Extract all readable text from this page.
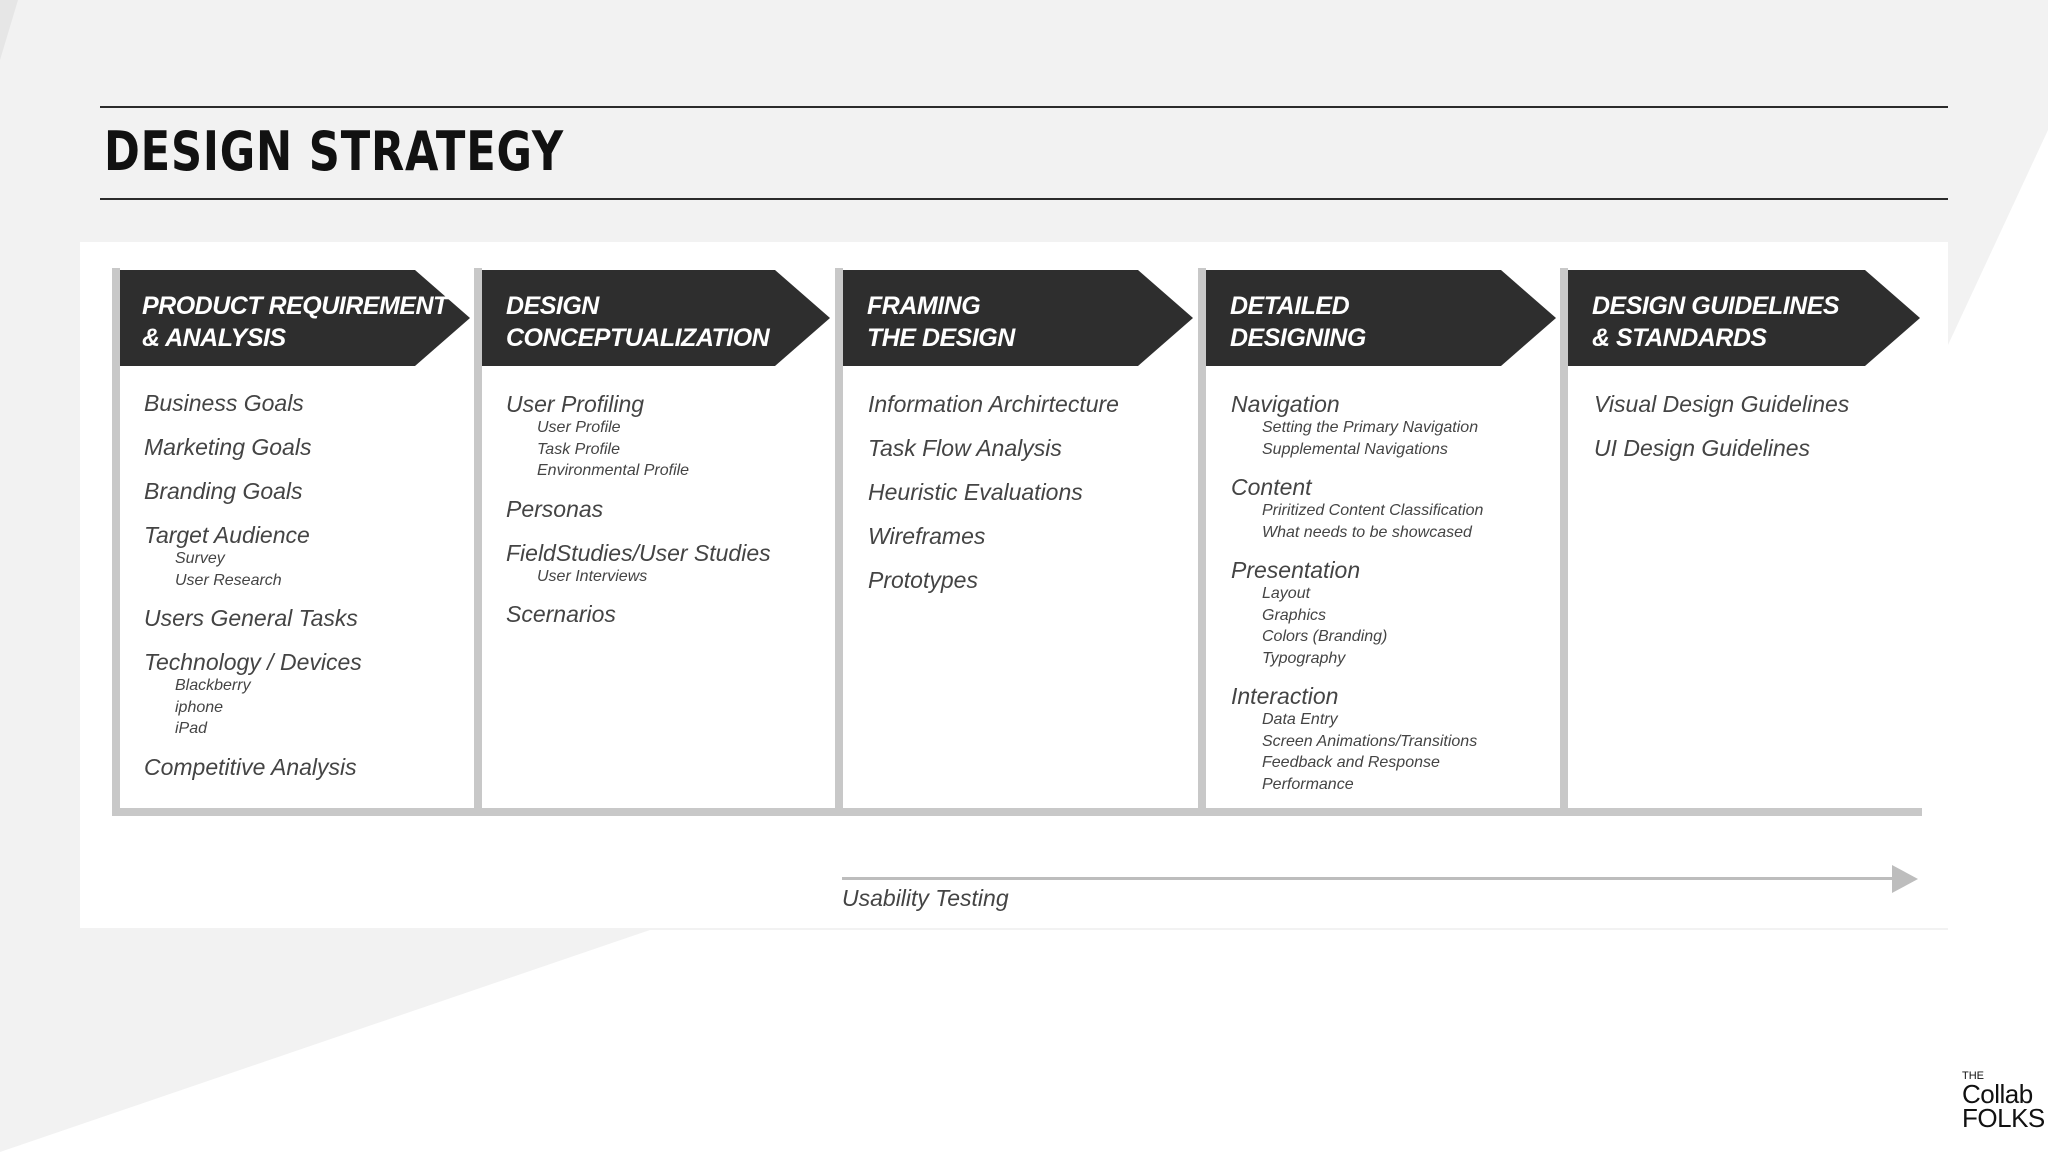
DESIGN STRATEGY
PRODUCT REQUIREMENT
& ANALYSIS
Business Goals
Marketing Goals
Branding Goals
Target Audience
Survey
User Research
Users General Tasks
Technology / Devices
Blackberry
iphone
iPad
Competitive Analysis
DESIGN
CONCEPTUALIZATION
User Profiling
User Profile
Task Profile
Environmental Profile
Personas
FieldStudies/User Studies
User Interviews
Scernarios
FRAMING
THE DESIGN
Information Archirtecture
Task Flow Analysis
Heuristic Evaluations
Wireframes
Prototypes
DETAILED
DESIGNING
Navigation
Setting the Primary Navigation
Supplemental Navigations
Content
Priritized Content Classification
What needs to be showcased
Presentation
Layout
Graphics
Colors (Branding)
Typography
Interaction
Data Entry
Screen Animations/Transitions
Feedback and Response
Performance
DESIGN GUIDELINES
& STANDARDS
Visual Design Guidelines
UI Design Guidelines
Usability Testing
THE
Collab
FOLKS
